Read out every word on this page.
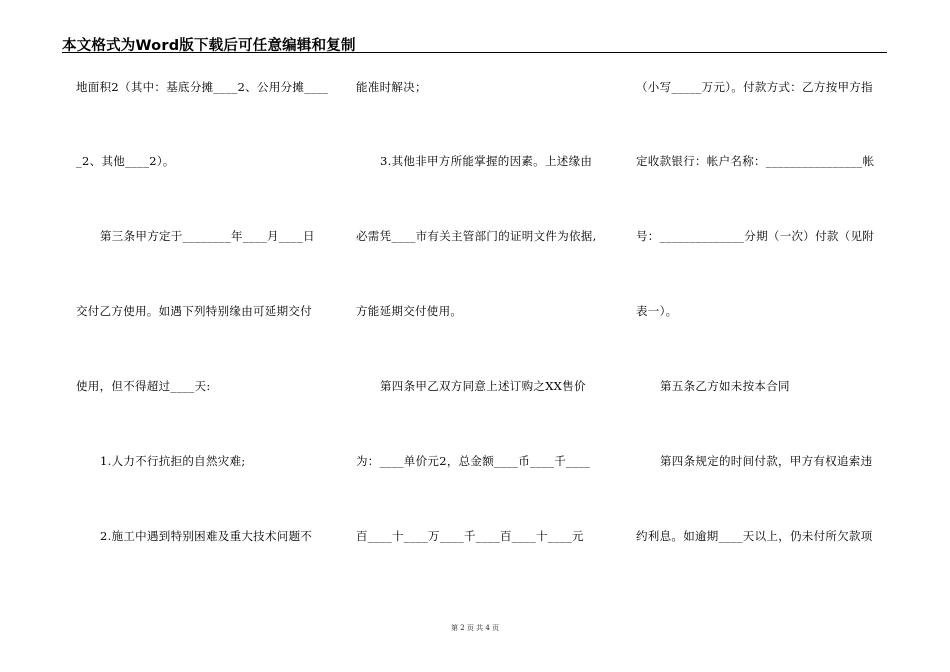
本文格式为Word版下载后可任意编辑和复制
地面积2（其中：基底分摊____2、公用分摊____
_2、其他____2）。
第三条甲方定于________年____月____日
交付乙方使用。如遇下列特别缘由可延期交付
使用，但不得超过____天:
1.人力不行抗拒的自然灾难;
2.施工中遇到特别困难及重大技术问题不
能准时解决；
3.其他非甲方所能掌握的因素。上述缘由
必需凭____市有关主管部门的证明文件为依据,
方能延期交付使用。
第四条甲乙双方同意上述订购之XX售价
为：____单价元2，总金额____币____千____
百____十____万____千____百____十____元
（小写_____万元）。付款方式：乙方按甲方指
定收款银行：帐户名称：________________帐
号：______________分期（一次）付款（见附
表一）。
第五条乙方如未按本合同
第四条规定的时间付款，甲方有权追索违
约利息。如逾期____天以上，仍未付所欠款项
第 2 页 共 4 页
